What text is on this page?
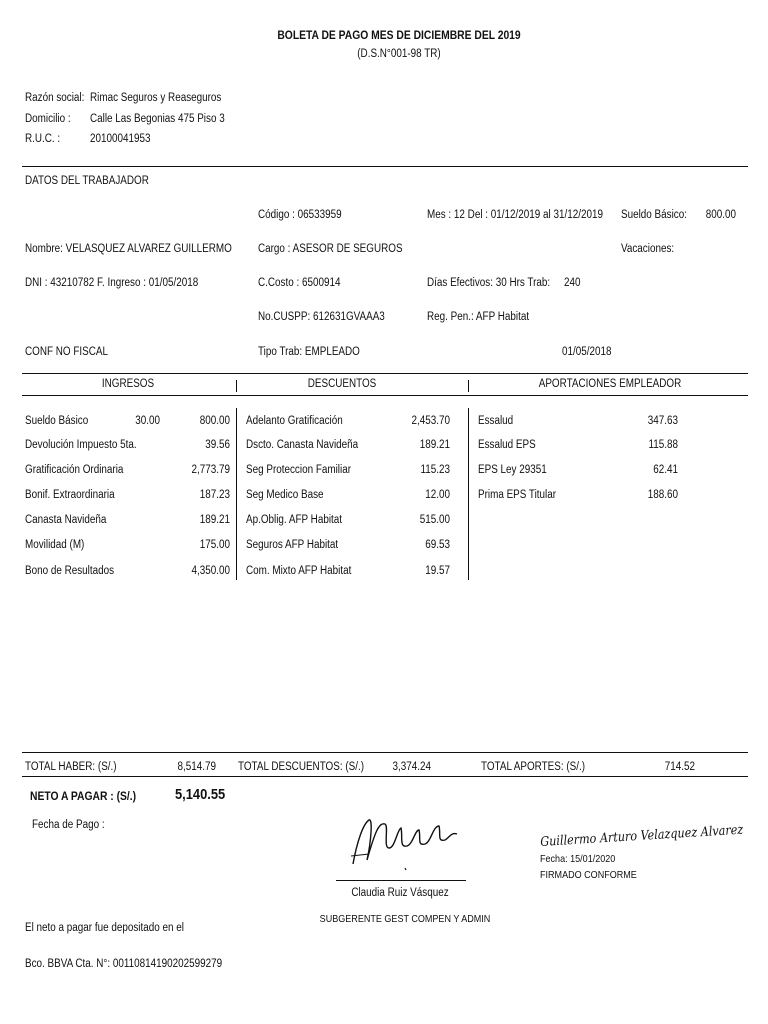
BOLETA DE PAGO MES DE DICIEMBRE DEL 2019
(D.S.N°001-98 TR)
Razón social: Rimac Seguros y Reaseguros
Domicilio : Calle Las Begonias 475 Piso 3
R.U.C. :	20100041953
DATOS DEL TRABAJADOR
Código : 06533959	Mes : 12 Del : 01/12/2019 al 31/12/2019 Sueldo Básico:	800.00
Nombre: VELASQUEZ ALVAREZ GUILLERMO Cargo : ASESOR DE SEGUROS	Vacaciones:
DNI : 43210782 F. Ingreso : 01/05/2018	C.Costo : 6500914	Días Efectivos: 30 Hrs Trab: 240
No.CUSPP: 612631GVAAA3	Reg. Pen.: AFP Habitat
CONF NO FISCAL	Tipo Trab: EMPLEADO	01/05/2018
INGRESOS	DESCUENTOS	APORTACIONES EMPLEADOR
Sueldo Básico	30.00	800.00
Devolución Impuesto 5ta.	39.56
Gratificación Ordinaria	2,773.79
Bonif. Extraordinaria	187.23
Canasta Navideña	189.21
Movilidad (M)	175.00
Bono de Resultados	4,350.00
Adelanto Gratificación	2,453.70
Dscto. Canasta Navideña	189.21
Seg Proteccion Familiar	115.23
Seg Medico Base	12.00
Ap.Oblig. AFP Habitat	515.00
Seguros AFP Habitat	69.53
Com. Mixto AFP Habitat	19.57
Essalud	347.63
Essalud EPS	115.88
EPS Ley 29351	62.41
Prima EPS Titular	188.60
TOTAL HABER: (S/.)	8,514.79 TOTAL DESCUENTOS: (S/.)	3,374.24	TOTAL APORTES: (S/.)	714.52
NETO A PAGAR : (S/.)	5,140.55
Fecha de Pago :	Guillermo Arturo Velazquez Alvarez
Fecha: 15/01/2020
FIRMADO CONFORME
Claudia Ruiz Vásquez
SUBGERENTE GEST COMPEN Y ADMIN
El neto a pagar fue depositado en el
Bco. BBVA Cta. N°: 00110814190202599279
